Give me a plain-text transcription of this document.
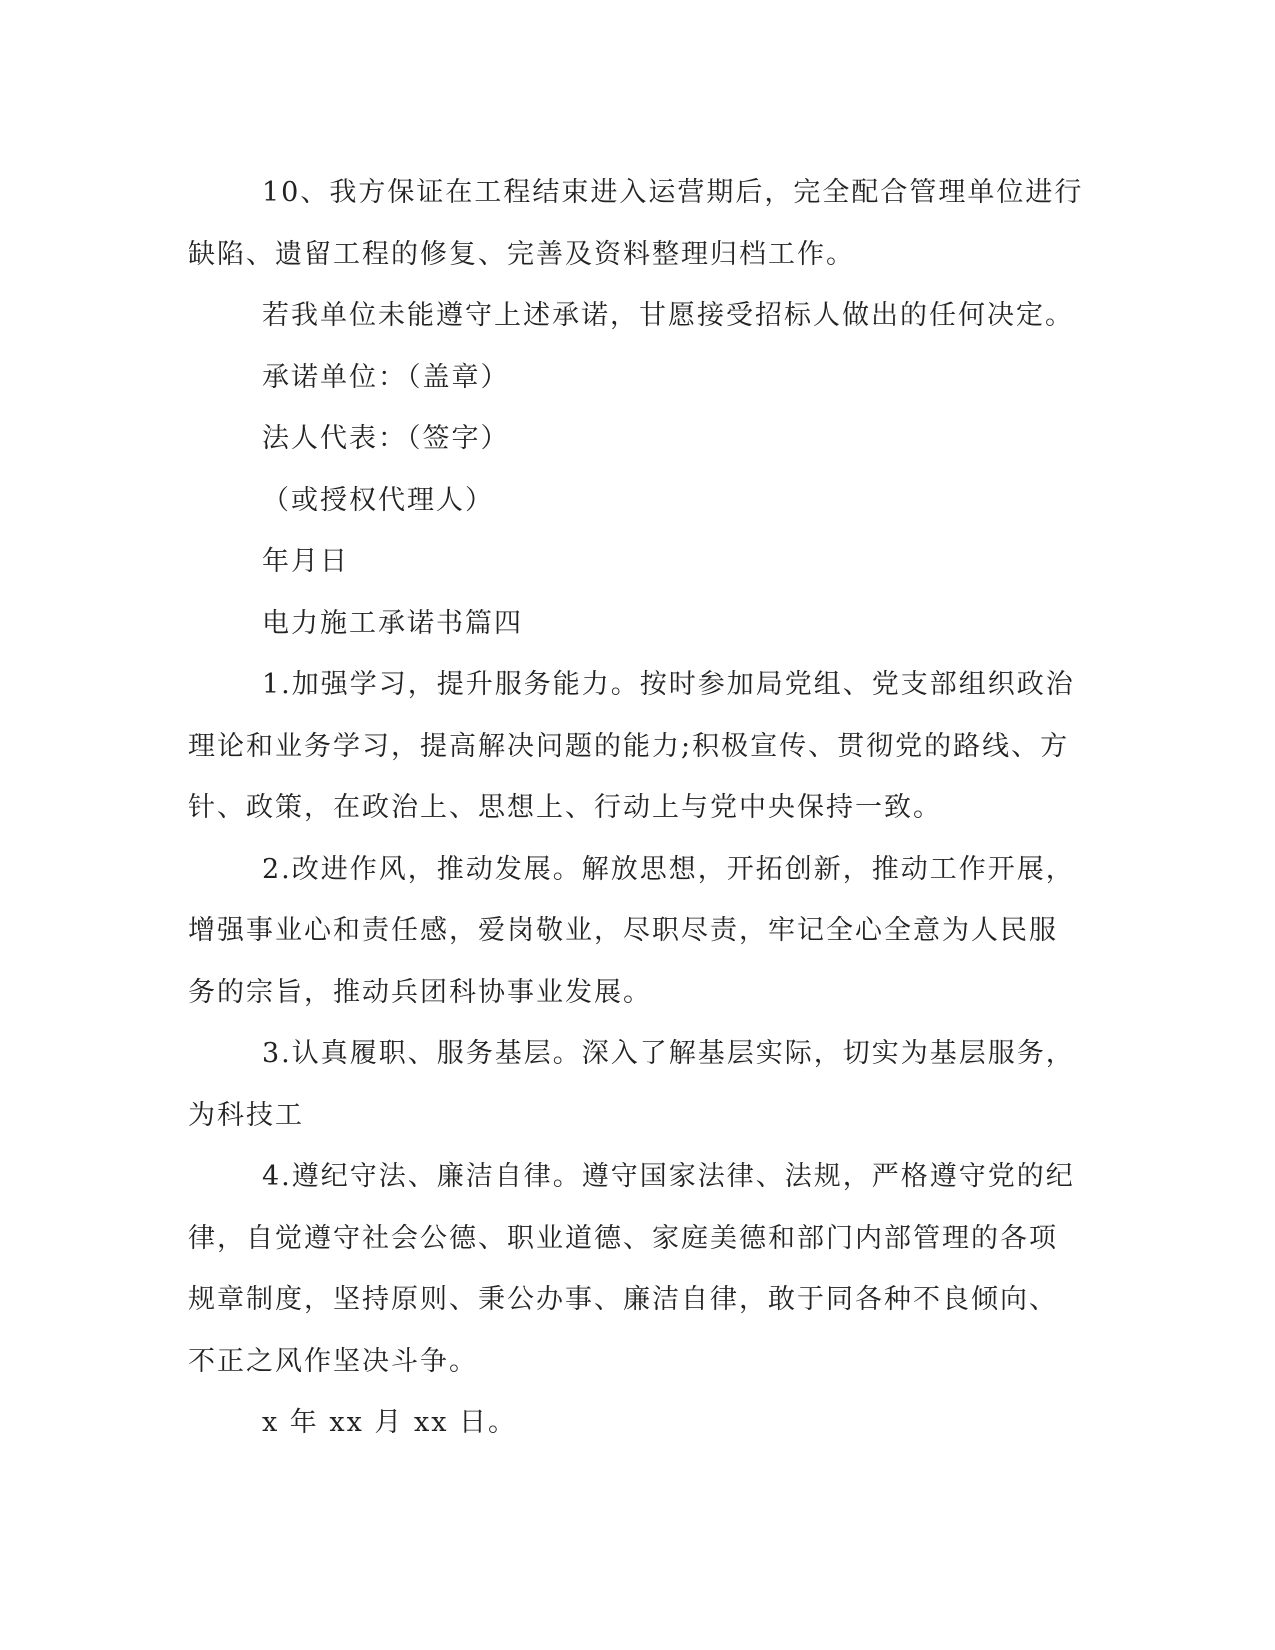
10、我方保证在工程结束进入运营期后，完全配合管理单位进行
缺陷、遗留工程的修复、完善及资料整理归档工作。
若我单位未能遵守上述承诺，甘愿接受招标人做出的任何决定。
承诺单位：（盖章）
法人代表：（签字）
（或授权代理人）
年月日
电力施工承诺书篇四
1.加强学习，提升服务能力。按时参加局党组、党支部组织政治
理论和业务学习，提高解决问题的能力;积极宣传、贯彻党的路线、方
针、政策，在政治上、思想上、行动上与党中央保持一致。
2.改进作风，推动发展。解放思想，开拓创新，推动工作开展，
增强事业心和责任感，爱岗敬业，尽职尽责，牢记全心全意为人民服
务的宗旨，推动兵团科协事业发展。
3.认真履职、服务基层。深入了解基层实际，切实为基层服务，
为科技工
4.遵纪守法、廉洁自律。遵守国家法律、法规，严格遵守党的纪
律，自觉遵守社会公德、职业道德、家庭美德和部门内部管理的各项
规章制度，坚持原则、秉公办事、廉洁自律，敢于同各种不良倾向、
不正之风作坚决斗争。
x 年 xx 月 xx 日。
